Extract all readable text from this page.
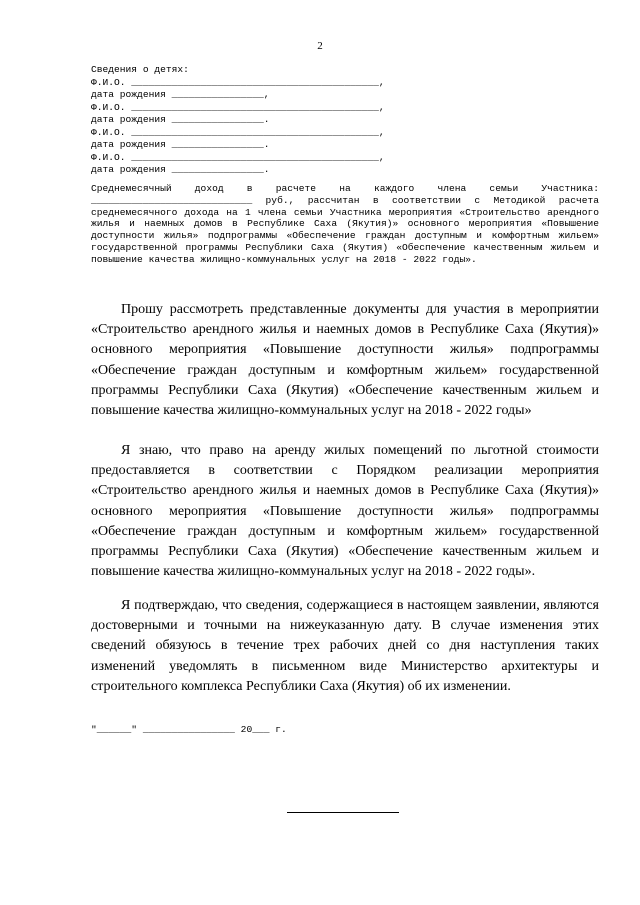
2
Сведения о детях:
Ф.И.О. ___________________________________________,
дата рождения ________________,
Ф.И.О. ___________________________________________,
дата рождения ________________.
Ф.И.О. ___________________________________________,
дата рождения ________________.
Ф.И.О. ___________________________________________,
дата рождения ________________.
Среднемесячный доход в расчете на каждого члена семьи Участника: ____________________________ руб., рассчитан в соответствии с Методикой расчета среднемесячного дохода на 1 члена семьи Участника мероприятия «Строительство арендного жилья и наемных домов в Республике Саха (Якутия)» основного мероприятия «Повышение доступности жилья» подпрограммы «Обеспечение граждан доступным и комфортным жильем» государственной программы Республики Саха (Якутия) «Обеспечение качественным жильем и повышение качества жилищно-коммунальных услуг на 2018 - 2022 годы».

Прошу рассмотреть представленные документы для участия в мероприятии «Строительство арендного жилья и наемных домов в Республике Саха (Якутия)» основного мероприятия «Повышение доступности жилья» подпрограммы «Обеспечение граждан доступным и комфортным жильем» государственной программы Республики Саха (Якутия) «Обеспечение качественным жильем и повышение качества жилищно-коммунальных услуг на 2018 - 2022 годы»

Я знаю, что право на аренду жилых помещений по льготной стоимости предоставляется в соответствии с Порядком реализации мероприятия «Строительство арендного жилья и наемных домов в Республике Саха (Якутия)» основного мероприятия «Повышение доступности жилья» подпрограммы «Обеспечение граждан доступным и комфортным жильем» государственной программы Республики Саха (Якутия) «Обеспечение качественным жильем и повышение качества жилищно-коммунальных услуг на 2018 - 2022 годы».

Я подтверждаю, что сведения, содержащиеся в настоящем заявлении, являются достоверными и точными на нижеуказанную дату. В случае изменения этих сведений обязуюсь в течение трех рабочих дней со дня наступления таких изменений уведомлять в письменном виде Министерство архитектуры и строительного комплекса Республики Саха (Якутия) об их изменении.

"______" ________________ 20___ г.
